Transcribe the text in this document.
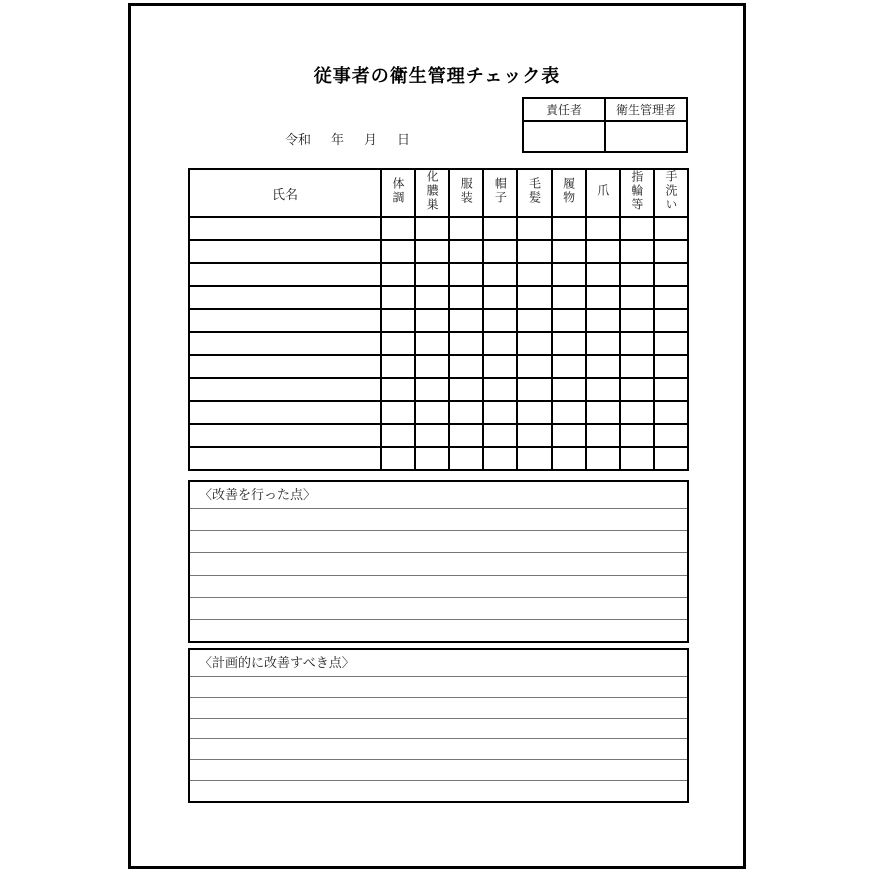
従事者の衛生管理チェック表
責任者	衛生管理者

令和 年 月 日
氏名	体調	化膿巣	服装	帽子	毛髪	履物	爪	指輪等	手洗い

〈改善を行った点〉
〈計画的に改善すべき点〉
